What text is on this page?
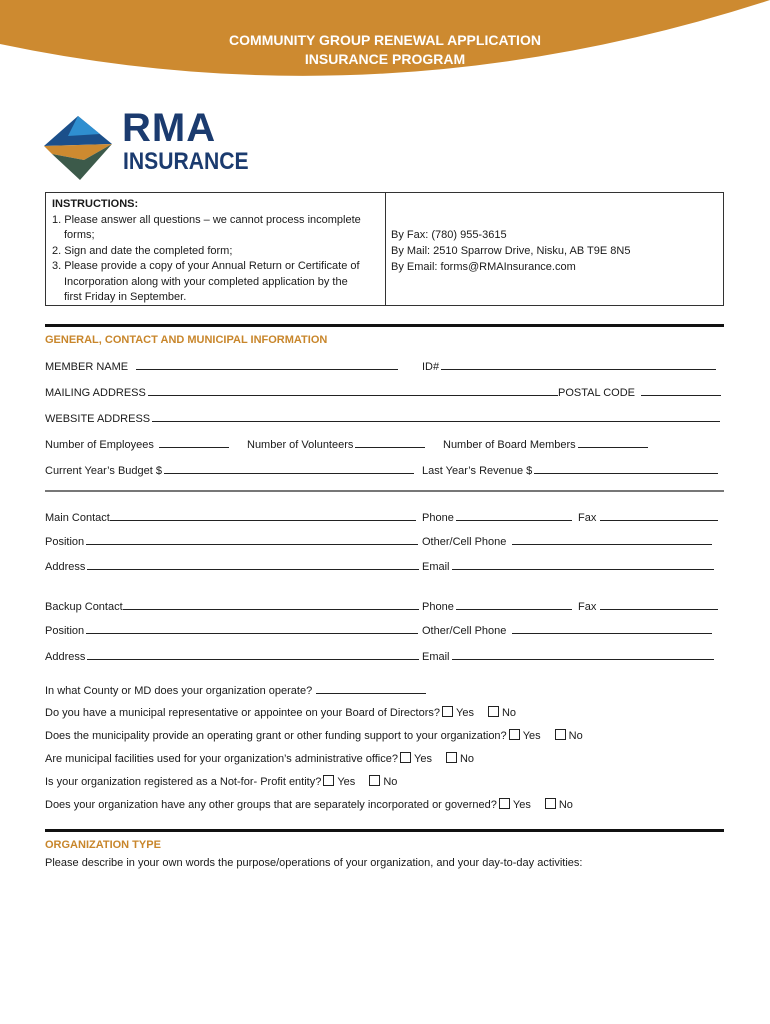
COMMUNITY GROUP RENEWAL APPLICATION
INSURANCE PROGRAM
RMA
INSURANCE
INSTRUCTIONS:
1. Please answer all questions – we cannot process incomplete
forms;
2. Sign and date the completed form;
3. Please provide a copy of your Annual Return or Certificate of
Incorporation along with your completed application by the
first Friday in September.
By Fax: (780) 955-3615
By Mail: 2510 Sparrow Drive, Nisku, AB T9E 8N5
By Email: forms@RMAInsurance.com
GENERAL, CONTACT AND MUNICIPAL INFORMATION
MEMBER NAME	ID#
MAILING ADDRESS	POSTAL CODE
WEBSITE ADDRESS
Number of Employees	Number of Volunteers	Number of Board Members
Current Year’s Budget $	Last Year’s Revenue $
Main Contact	Phone	Fax
Position	Other/Cell Phone
Address	Email
Backup Contact	Phone	Fax
Position	Other/Cell Phone
Address	Email
In what County or MD does your organization operate?
Do you have a municipal representative or appointee on your Board of Directors? Yes	No
Does the municipality provide an operating grant or other funding support to your organization? Yes	No
Are municipal facilities used for your organization’s administrative office? Yes	No
Is your organization registered as a Not-for- Profit entity? Yes	No
Does your organization have any other groups that are separately incorporated or governed? Yes	No
ORGANIZATION TYPE
Please describe in your own words the purpose/operations of your organization, and your day-to-day activities:
